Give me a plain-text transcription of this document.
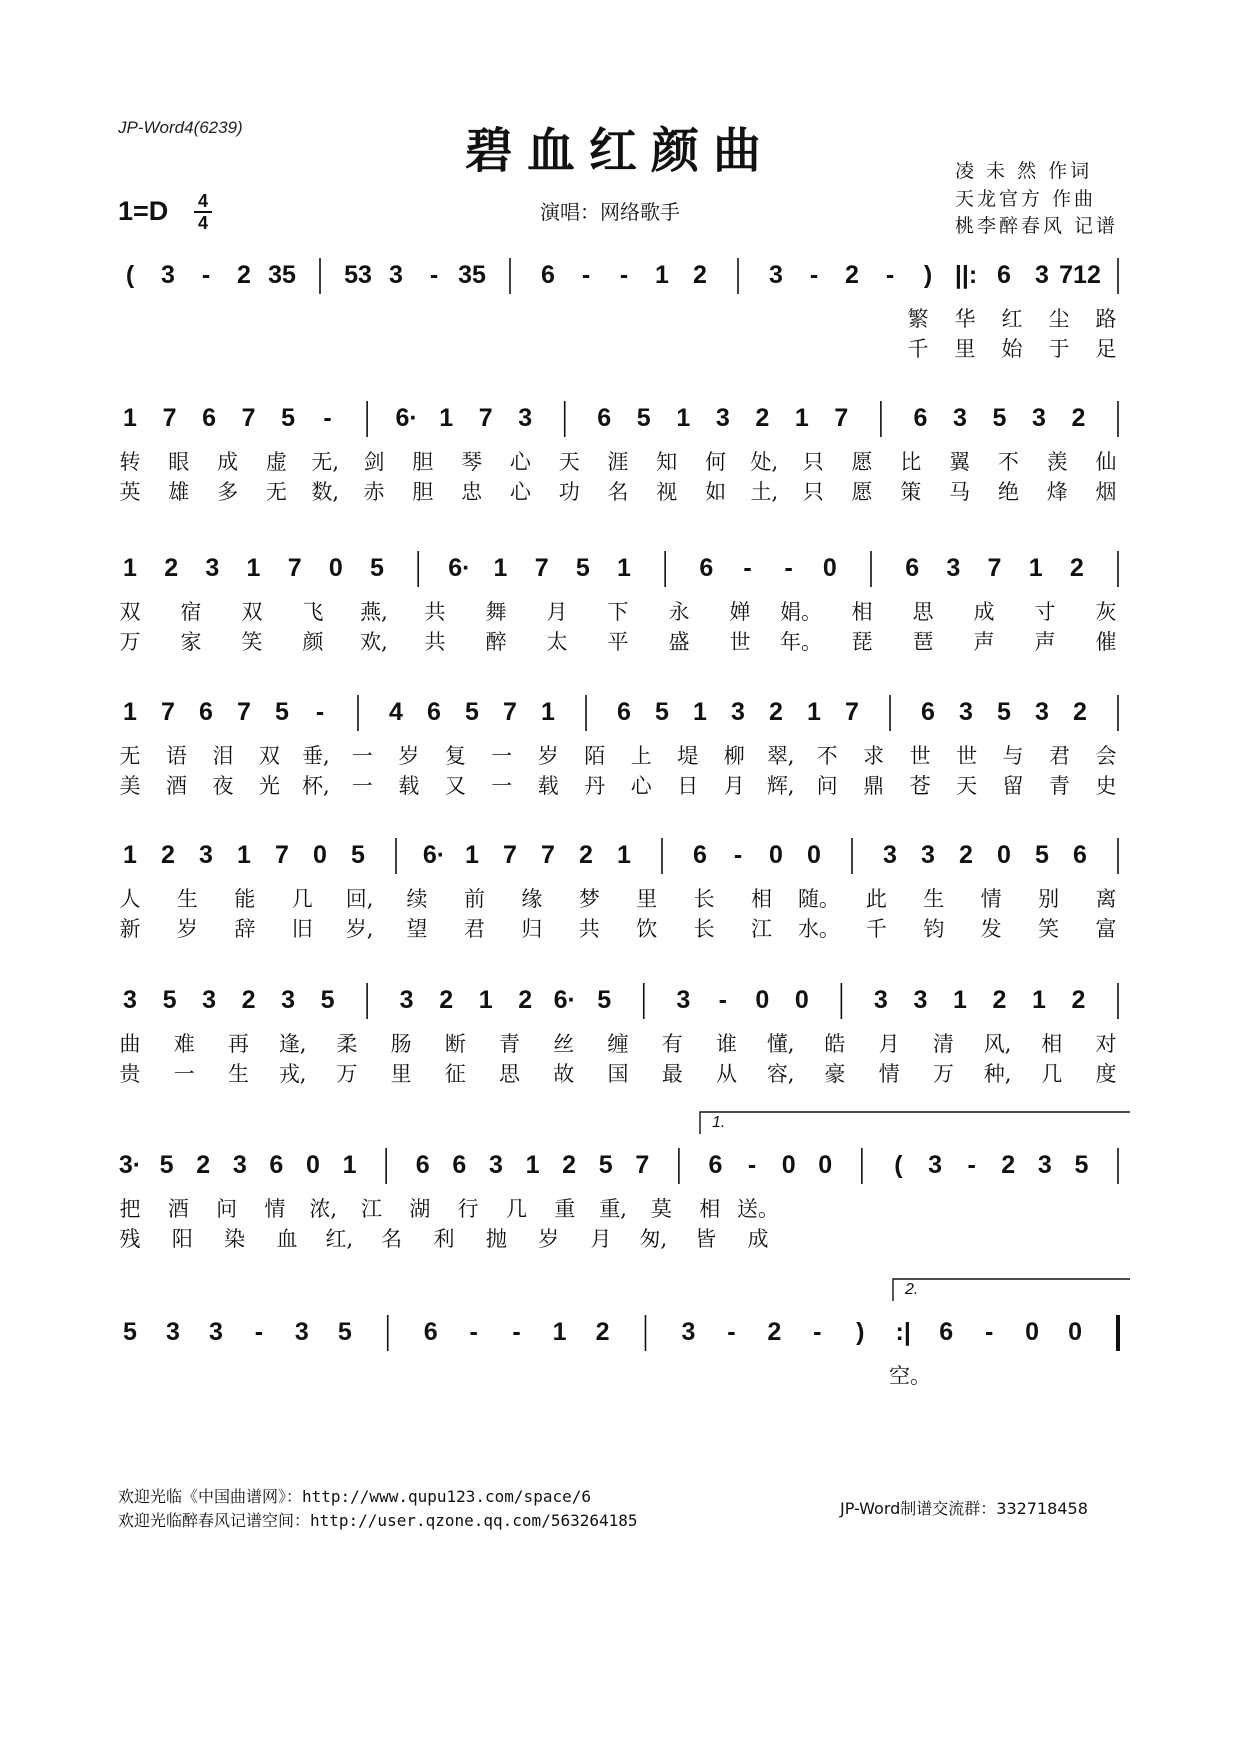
JP-Word4(6239)	碧血红颜曲
1=D 4
4	演唱：网络歌手
凌 未 然 作词
天龙官方 作曲
桃李醉春风 记谱
( 3 - 2 35 53 3 - 35 6 - - 1 2 3 - 2 - ) ||: 6 3 712
繁 华 红 尘 路
千 里 始 于 足
1 7 6 7 5 -	6· 1 7 3	6 5 1 3 2 1 7	6 3 5 3 2
转 眼 成 虚 无, 剑 胆 琴 心 天 涯 知 何 处, 只 愿 比 翼 不 羡 仙
英 雄 多 无 数, 赤 胆 忠 心 功 名 视 如 土, 只 愿 策 马 绝 烽 烟
1 2 3 1 7 0 5	6· 1 7 5 1	6 - - 0	6 3 7 1 2
双 宿 双 飞 燕, 共 舞 月 下 永 婵 娟。 相 思 成 寸 灰
万 家 笑 颜 欢, 共 醉 太 平 盛 世 年。 琵 琶 声 声 催
1 7 6 7 5 -	4 6 5 7 1 6 5 1 3 2 1 7 6 3 5 3 2
无 语 泪 双 垂, 一 岁 复 一 岁 陌 上 堤 柳 翠, 不 求 世 世 与 君 会
美 酒 夜 光 杯, 一 载 又 一 载 丹 心 日 月 辉, 问 鼎 苍 天 留 青 史
1 2 3 1 7 0 5 6· 1 7 7 2 1 6 - 0 0 3 3 2 0 5 6
人 生 能 几 回, 续 前 缘 梦 里 长 相 随。 此 生 情 别 离
新 岁 辞 旧 岁, 望 君 归 共 饮 长 江 水。 千 钧 发 笑 富
3 5 3 2 3 5	3 2 1 2 6· 5	3 - 0 0	3 3 1 2 1 2
曲 难 再 逢, 柔 肠 断 青 丝 缠 有 谁 懂, 皓 月 清 风, 相 对
贵 一 生 戎, 万 里 征 思 故 国 最 从 容, 豪 情 万 种, 几 度
3· 5 2 3 6 0 1 6 6 3 1 2 5 7 6 - 0 0 ( 3 - 2 3 5
1.
把 酒 问 情 浓, 江 湖 行 几 重 重, 莫 相 送。
残 阳 染 血 红, 名 利 抛 岁 月 匆, 皆 成
5 3 3 - 3 5	6 - - 1 2	3 - 2 - ) :| 6 - 0 0
2.
空。
欢迎光临《中国曲谱网》：http://www.qupu123.com/space/6
欢迎光临醉春风记谱空间：http://user.qzone.qq.com/563264185
JP-Word制谱交流群：332718458
